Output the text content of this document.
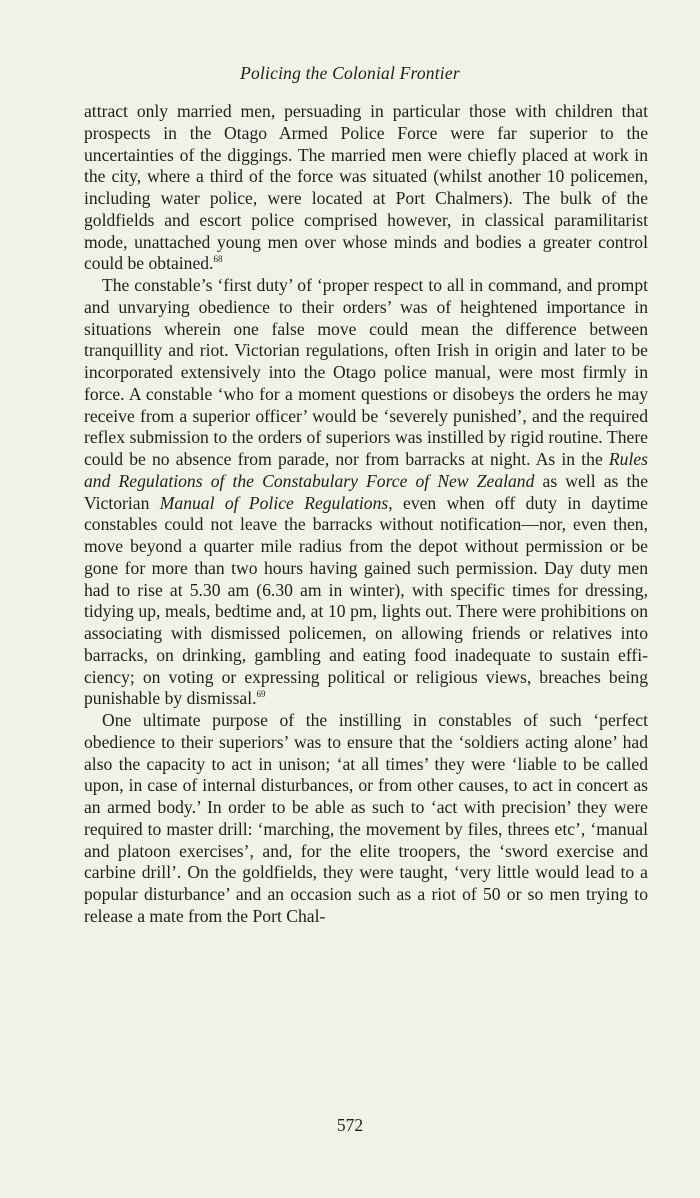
Policing the Colonial Frontier

attract only married men, persuading in particular those with children that prospects in the Otago Armed Police Force were far superior to the uncertainties of the diggings. The married men were chiefly placed at work in the city, where a third of the force was situated (whilst another 10 policemen, including water police, were located at Port Chalmers). The bulk of the goldfields and escort police comprised however, in classical paramilitarist mode, unattached young men over whose minds and bodies a greater control could be obtained.$^{68}$

The constable’s ‘first duty’ of ‘proper respect to all in command, and prompt and unvarying obedience to their orders’ was of heightened importance in situations wherein one false move could mean the difference between tranquillity and riot. Victorian regulations, often Irish in origin and later to be incorporated extensively into the Otago police manual, were most firmly in force. A constable ‘who for a moment questions or disobeys the orders he may receive from a superior officer’ would be ‘severely punished’, and the required reflex submission to the orders of superiors was instilled by rigid routine. There could be no absence from parade, nor from barracks at night. As in the Rules and Regulations of the Constabulary Force of New Zealand as well as the Victorian Manual of Police Regulations, even when off duty in daytime constables could not leave the barracks without notification—nor, even then, move beyond a quarter mile radius from the depot without permission or be gone for more than two hours having gained such permission. Day duty men had to rise at 5.30 am (6.30 am in winter), with specific times for dressing, tidying up, meals, bedtime and, at 10 pm, lights out. There were prohibitions on associating with dismissed policemen, on allowing friends or relatives into barracks, on drinking, gambling and eating food inadequate to sustain efficiency; on voting or expressing political or religious views, breaches being punishable by dismissal.$^{69}$

One ultimate purpose of the instilling in constables of such ‘perfect obedience to their superiors’ was to ensure that the ‘soldiers acting alone’ had also the capacity to act in unison; ‘at all times’ they were ‘liable to be called upon, in case of internal disturbances, or from other causes, to act in concert as an armed body.’ In order to be able as such to ‘act with precision’ they were required to master drill: ‘marching, the movement by files, threes etc’, ‘manual and platoon exercises’, and, for the elite troopers, the ‘sword exercise and carbine drill’. On the goldfields, they were taught, ‘very little would lead to a popular disturbance’ and an occasion such as a riot of 50 or so men trying to release a mate from the Port Chal-

572
